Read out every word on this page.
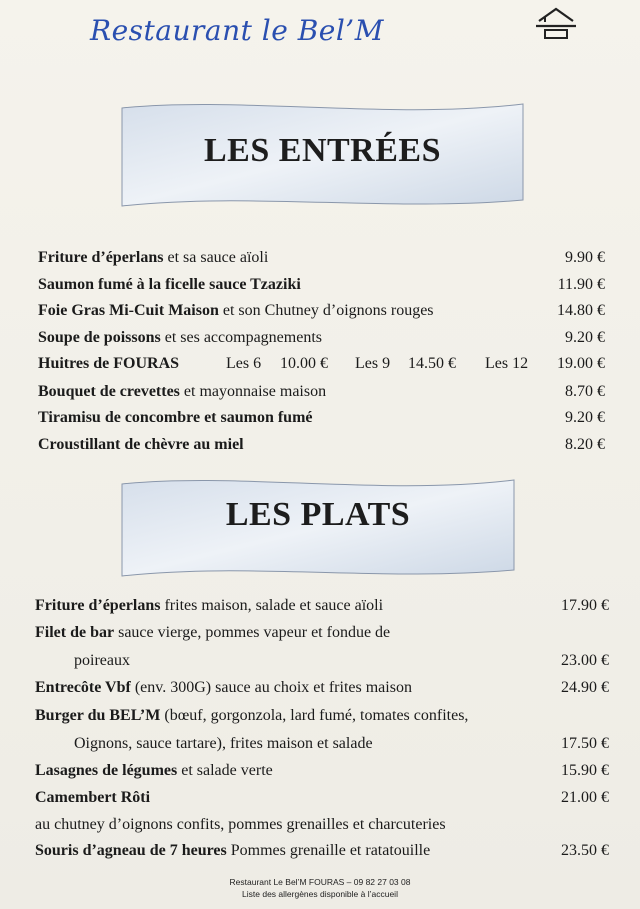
Restaurant le Bel’M
LES ENTRÉES
Friture d’éperlans et sa sauce aïoli	9.90 €
Saumon fumé à la ficelle sauce Tzaziki	11.90 €
Foie Gras Mi-Cuit Maison et son Chutney d’oignons rouges	14.80 €
Soupe de poissons et ses accompagnements	9.20 €
Huitres de FOURAS	Les 6 10.00 € Les 9 14.50 € Les 12	19.00 €
Bouquet de crevettes et mayonnaise maison	8.70 €
Tiramisu de concombre et saumon fumé	9.20 €
Croustillant de chèvre au miel	8.20 €
LES PLATS
Friture d’éperlans frites maison, salade et sauce aïoli	17.90 €
Filet de bar sauce vierge, pommes vapeur et fondue de
poireaux	23.00 €
Entrecôte Vbf (env. 300G) sauce au choix et frites maison	24.90 €
Burger du BEL’M (bœuf, gorgonzola, lard fumé, tomates confites,
Oignons, sauce tartare), frites maison et salade	17.50 €
Lasagnes de légumes et salade verte	15.90 €
Camembert Rôti	21.00 €
au chutney d’oignons confits, pommes grenailles et charcuteries
Souris d’agneau de 7 heures Pommes grenaille et ratatouille	23.50 €
Restaurant Le Bel’M FOURAS – 09 82 27 03 08
Liste des allergènes disponible à l’accueil
